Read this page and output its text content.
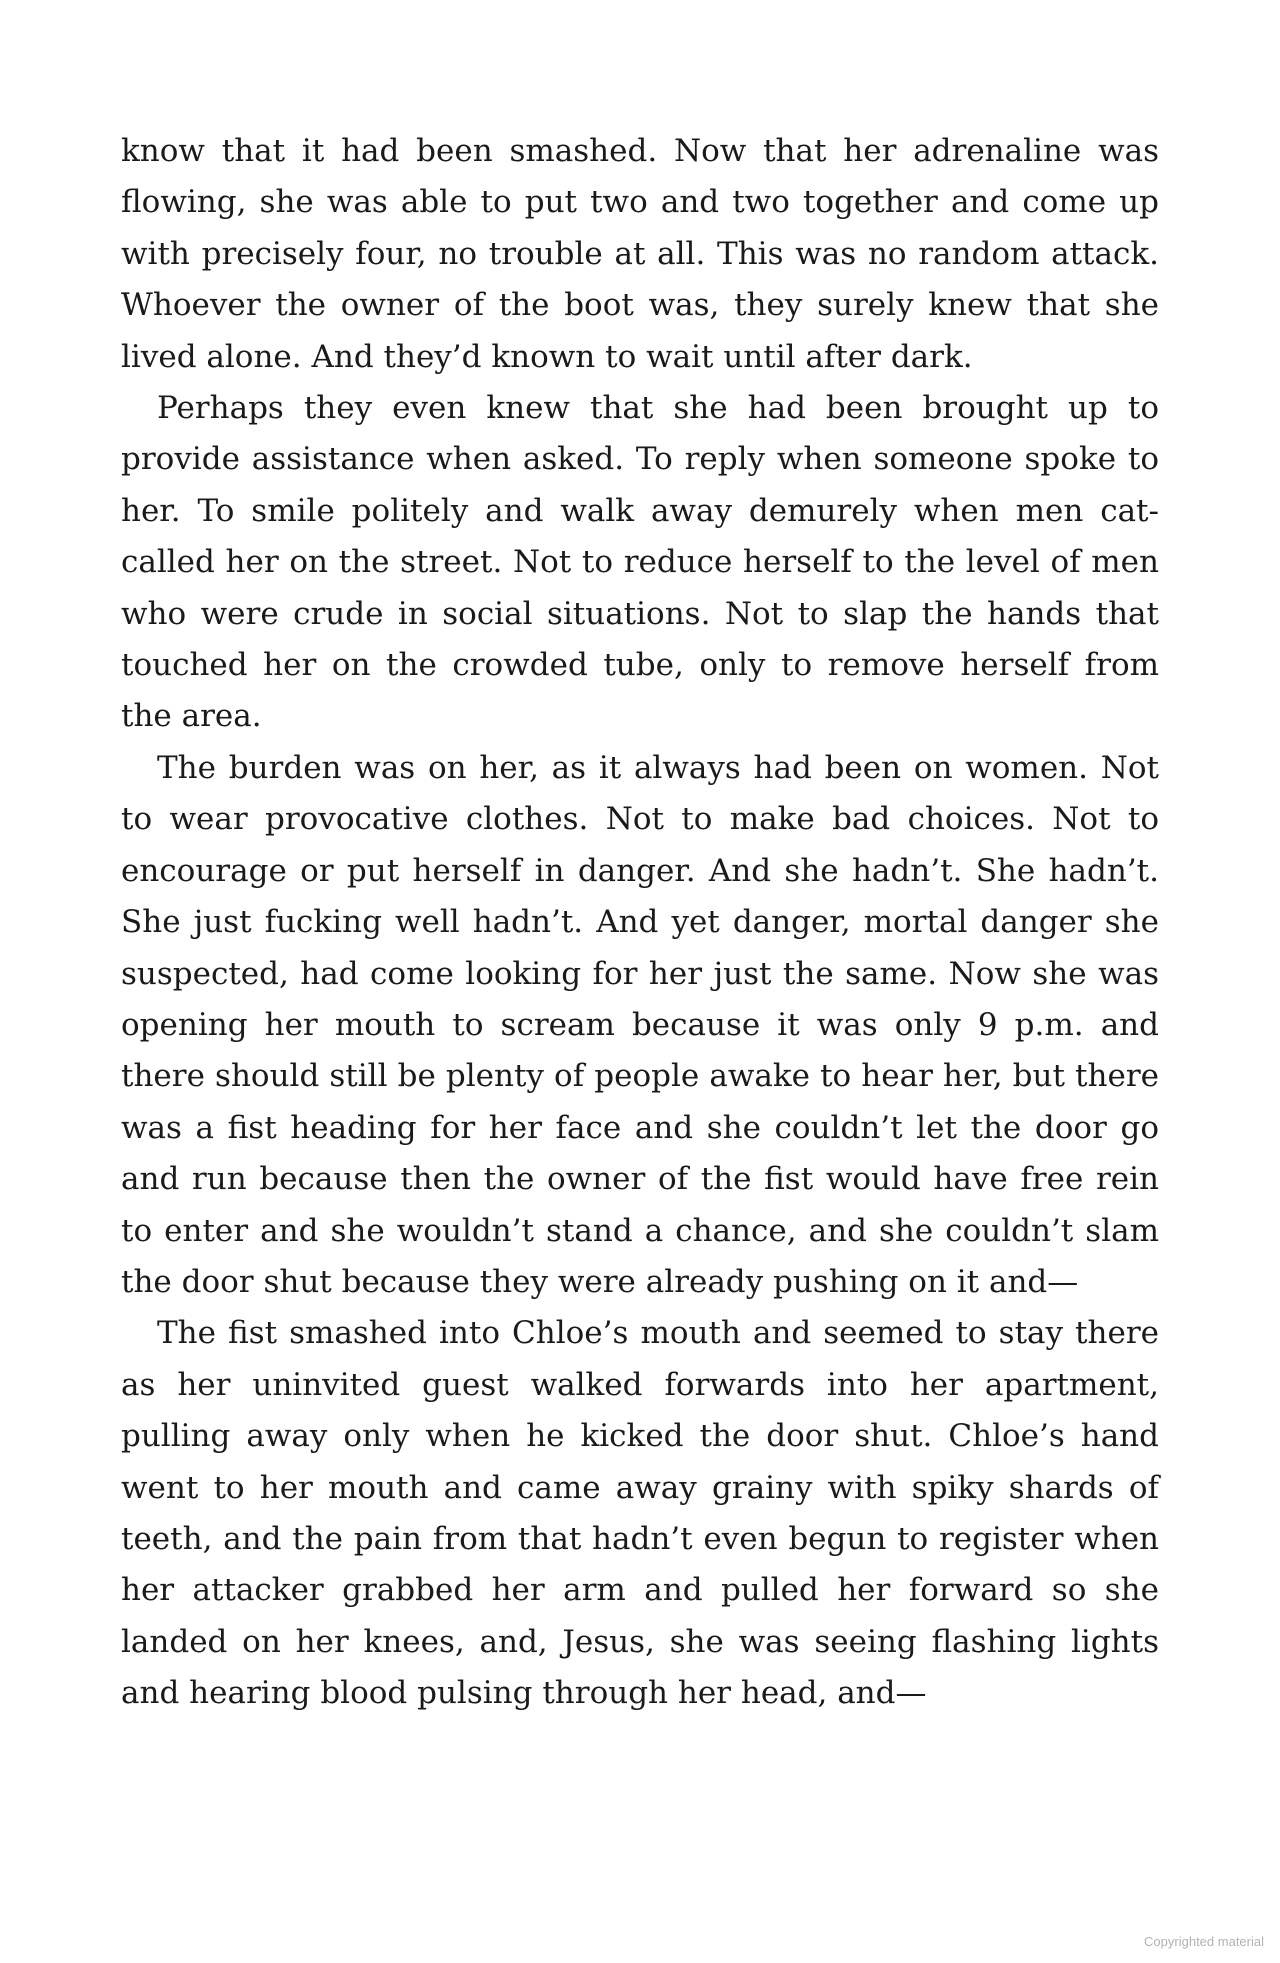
know that it had been smashed. Now that her adrenaline was flowing, she was able to put two and two together and come up with precisely four, no trouble at all. This was no random attack. Whoever the owner of the boot was, they surely knew that she lived alone. And they’d known to wait until after dark.

Perhaps they even knew that she had been brought up to provide assistance when asked. To reply when someone spoke to her. To smile politely and walk away demurely when men cat-called her on the street. Not to reduce herself to the level of men who were crude in social situations. Not to slap the hands that touched her on the crowded tube, only to remove herself from the area.

The burden was on her, as it always had been on women. Not to wear provocative clothes. Not to make bad choices. Not to encourage or put herself in danger. And she hadn’t. She hadn’t. She just fucking well hadn’t. And yet danger, mortal danger she suspected, had come looking for her just the same. Now she was opening her mouth to scream because it was only 9 p.m. and there should still be plenty of people awake to hear her, but there was a fist heading for her face and she couldn’t let the door go and run because then the owner of the fist would have free rein to enter and she wouldn’t stand a chance, and she couldn’t slam the door shut because they were already pushing on it and—

The fist smashed into Chloe’s mouth and seemed to stay there as her uninvited guest walked forwards into her apartment, pulling away only when he kicked the door shut. Chloe’s hand went to her mouth and came away grainy with spiky shards of teeth, and the pain from that hadn’t even begun to register when her attacker grabbed her arm and pulled her forward so she landed on her knees, and, Jesus, she was seeing flashing lights and hearing blood pulsing through her head, and—

Copyrighted material
